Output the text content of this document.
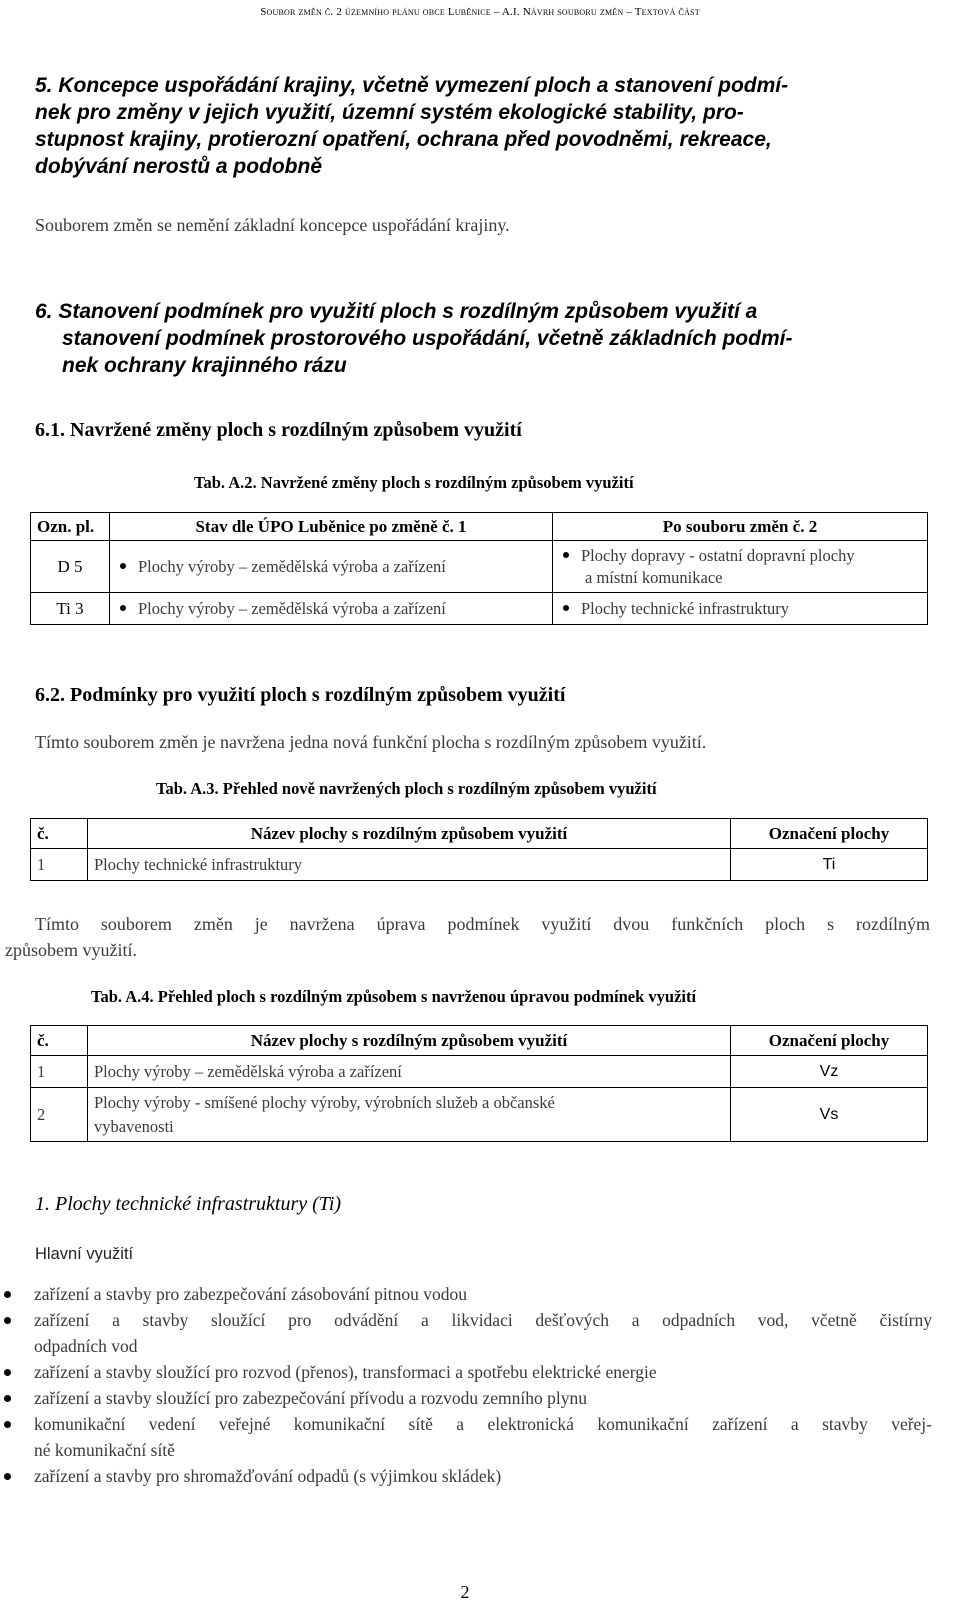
Soubor změn č. 2 územního plánu obce Luběnice – A.I. Návrh souboru změn – Textová část
5. Koncepce uspořádání krajiny, včetně vymezení ploch a stanovení podmí-
nek pro změny v jejich využití, územní systém ekologické stability, pro-
stupnost krajiny, protierozní opatření, ochrana před povodněmi, rekreace,
dobývání nerostů a podobně
Souborem změn se nemění základní koncepce uspořádání krajiny.
6. Stanovení podmínek pro využití ploch s rozdílným způsobem využití a
stanovení podmínek prostorového uspořádání, včetně základních podmí-
nek ochrany krajinného rázu
6.1. Navržené změny ploch s rozdílným způsobem využití
Tab. A.2. Navržené změny ploch s rozdílným způsobem využití
Ozn. pl.	Stav dle ÚPO Luběnice po změně č. 1	Po souboru změn č. 2
D 5	Plochy výroby – zemědělská výroba a zařízení	Plochy dopravy - ostatní dopravní plochy
a místní komunikace
Ti 3	Plochy výroby – zemědělská výroba a zařízení	Plochy technické infrastruktury
6.2. Podmínky pro využití ploch s rozdílným způsobem využití
Tímto souborem změn je navržena jedna nová funkční plocha s rozdílným způsobem využití.
Tab. A.3. Přehled nově navržených ploch s rozdílným způsobem využití
č.	Název plochy s rozdílným způsobem využití	Označení plochy
1	Plochy technické infrastruktury	Ti
Tímto souborem změn je navržena úprava podmínek využití dvou funkčních ploch s rozdílným
způsobem využití.
Tab. A.4. Přehled ploch s rozdílným způsobem s navrženou úpravou podmínek využití
č.	Název plochy s rozdílným způsobem využití	Označení plochy
1	Plochy výroby – zemědělská výroba a zařízení	Vz
2	Plochy výroby - smíšené plochy výroby, výrobních služeb a občanské
vybavenosti	Vs
1. Plochy technické infrastruktury (Ti)
Hlavní využití
zařízení a stavby pro zabezpečování zásobování pitnou vodou
zařízení a stavby sloužící pro odvádění a likvidaci dešťových a odpadních vod, včetně čistírny
odpadních vod
zařízení a stavby sloužící pro rozvod (přenos), transformaci a spotřebu elektrické energie
zařízení a stavby sloužící pro zabezpečování přívodu a rozvodu zemního plynu
komunikační vedení veřejné komunikační sítě a elektronická komunikační zařízení a stavby veřej-
né komunikační sítě
zařízení a stavby pro shromažďování odpadů (s výjimkou skládek)
2
